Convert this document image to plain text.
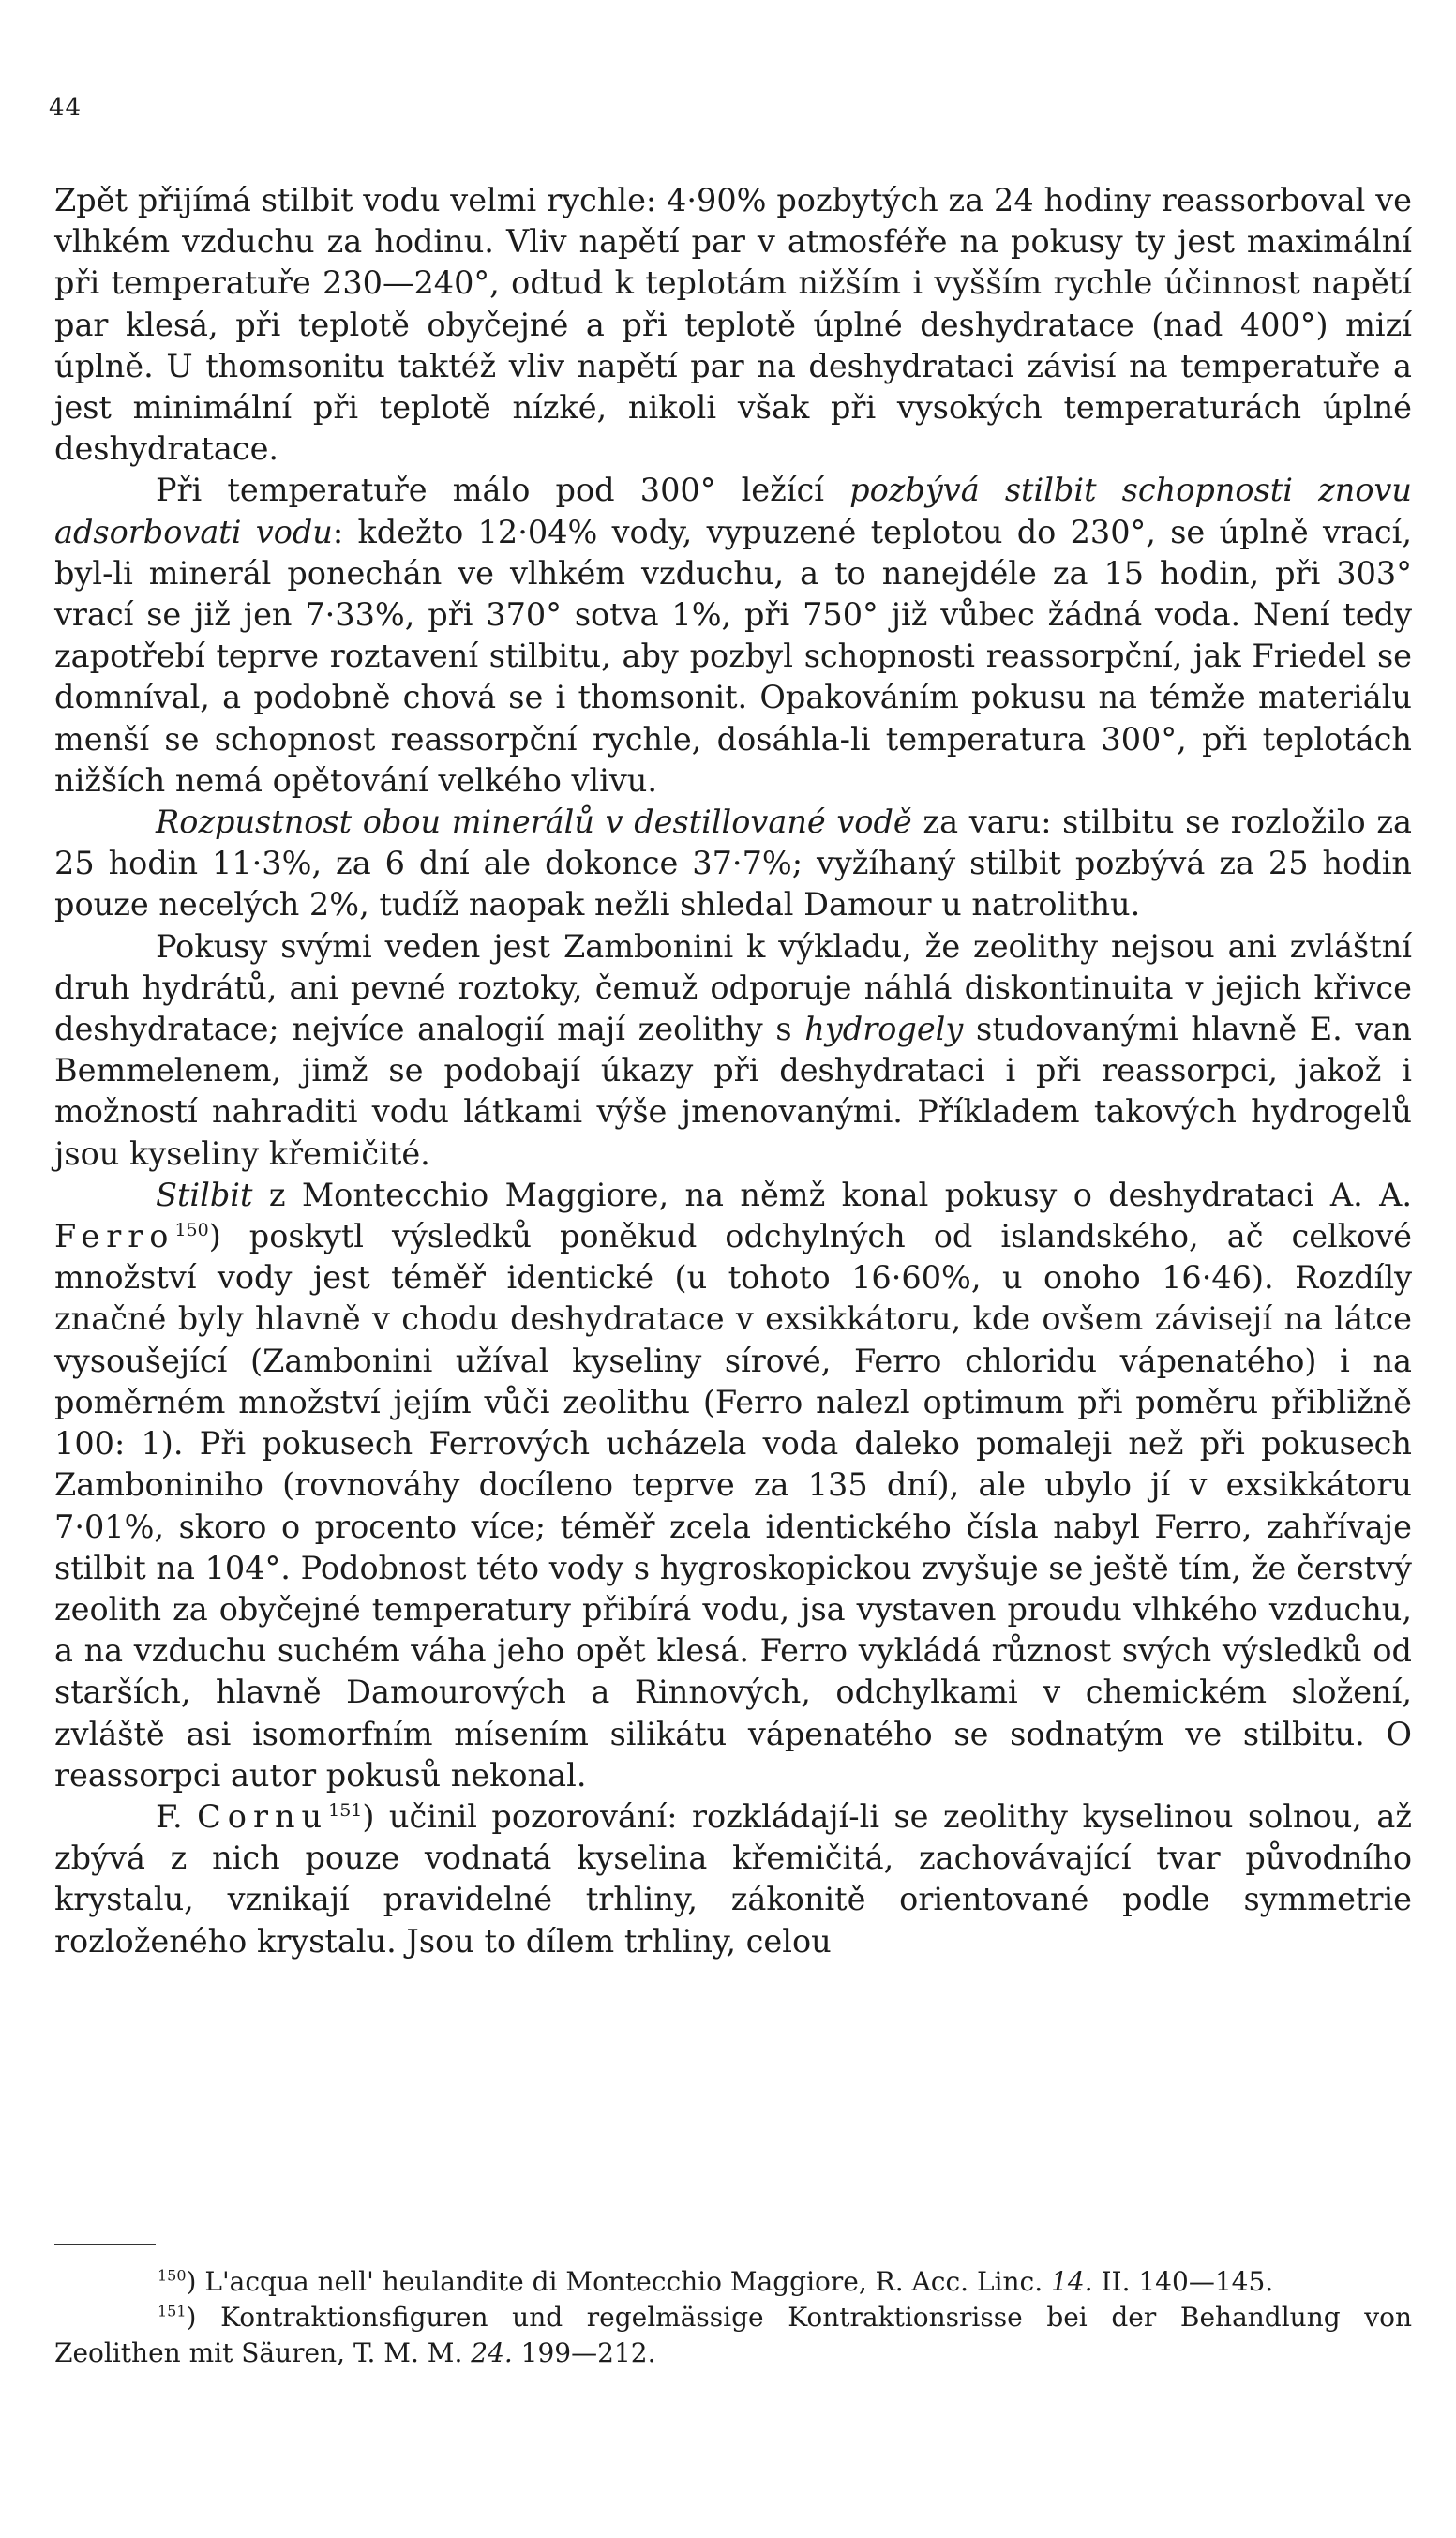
44

Zpět přijímá stilbit vodu velmi rychle: 4·90% pozbytých za 24 hodiny reassorboval ve vlhkém vzduchu za hodinu. Vliv napětí par v atmosféře na pokusy ty jest maximální při temperatuře 230—240°, odtud k teplotám nižším i vyšším rychle účinnost napětí par klesá, při teplotě obyčejné a při teplotě úplné deshydratace (nad 400°) mizí úplně. U thomsonitu taktéž vliv napětí par na deshydrataci závisí na temperatuře a jest minimální při teplotě nízké, nikoli však při vysokých temperaturách úplné deshydratace.

Při temperatuře málo pod 300° ležící pozbývá stilbit schopnosti znovu adsorbovati vodu: kdežto 12·04% vody, vypuzené teplotou do 230°, se úplně vrací, byl-li minerál ponechán ve vlhkém vzduchu, a to nanejdéle za 15 hodin, při 303° vrací se již jen 7·33%, při 370° sotva 1%, při 750° již vůbec žádná voda. Není tedy zapotřebí teprve roztavení stilbitu, aby pozbyl schopnosti reassorpční, jak Friedel se domníval, a podobně chová se i thomsonit. Opakováním pokusu na témže materiálu menší se schopnost reassorpční rychle, dosáhla-li temperatura 300°, při teplotách nižších nemá opětování velkého vlivu.

Rozpustnost obou minerálů v destillované vodě za varu: stilbitu se rozložilo za 25 hodin 11·3%, za 6 dní ale dokonce 37·7%; vyžíhaný stilbit pozbývá za 25 hodin pouze necelých 2%, tudíž naopak nežli shledal Damour u natrolithu.

Pokusy svými veden jest Zambonini k výkladu, že zeolithy nejsou ani zvláštní druh hydrátů, ani pevné roztoky, čemuž odporuje náhlá diskontinuita v jejich křivce deshydratace; nejvíce analogií mají zeolithy s hydrogely studovanými hlavně E. van Bemmelenem, jimž se podobají úkazy při deshydrataci i při reassorpci, jakož i možností nahraditi vodu látkami výše jmenovanými. Příkladem takových hydrogelů jsou kyseliny křemičité.

Stilbit z Montecchio Maggiore, na němž konal pokusy o deshydrataci A. A. Ferro$^{150}$) poskytl výsledků poněkud odchylných od islandského, ač celkové množství vody jest téměř identické (u tohoto 16·60%, u onoho 16·46). Rozdíly značné byly hlavně v chodu deshydratace v exsikkátoru, kde ovšem závisejí na látce vysoušející (Zambonini užíval kyseliny sírové, Ferro chloridu vápenatého) i na poměrném množství jejím vůči zeolithu (Ferro nalezl optimum při poměru přibližně 100: 1). Při pokusech Ferrových ucházela voda daleko pomaleji než při pokusech Zamboniniho (rovnováhy docíleno teprve za 135 dní), ale ubylo jí v exsikkátoru 7·01%, skoro o procento více; téměř zcela identického čísla nabyl Ferro, zahřívaje stilbit na 104°. Podobnost této vody s hygroskopickou zvyšuje se ještě tím, že čerstvý zeolith za obyčejné temperatury přibírá vodu, jsa vystaven proudu vlhkého vzduchu, a na vzduchu suchém váha jeho opět klesá. Ferro vykládá různost svých výsledků od starších, hlavně Damourových a Rinnových, odchylkami v chemickém složení, zvláště asi isomorfním mísením silikátu vápenatého se sodnatým ve stilbitu. O reassorpci autor pokusů nekonal.

F. Cornu$^{151}$) učinil pozorování: rozkládají-li se zeolithy kyselinou solnou, až zbývá z nich pouze vodnatá kyselina křemičitá, zachovávající tvar původního krystalu, vznikají pravidelné trhliny, zákonitě orientované podle symmetrie rozloženého krystalu. Jsou to dílem trhliny, celou

$^{150}$) L'acqua nell' heulandite di Montecchio Maggiore, R. Acc. Linc. 14. II. 140—145.

$^{151}$) Kontraktionsfiguren und regelmässige Kontraktionsrisse bei der Behandlung von Zeolithen mit Säuren, T. M. M. 24. 199—212.
